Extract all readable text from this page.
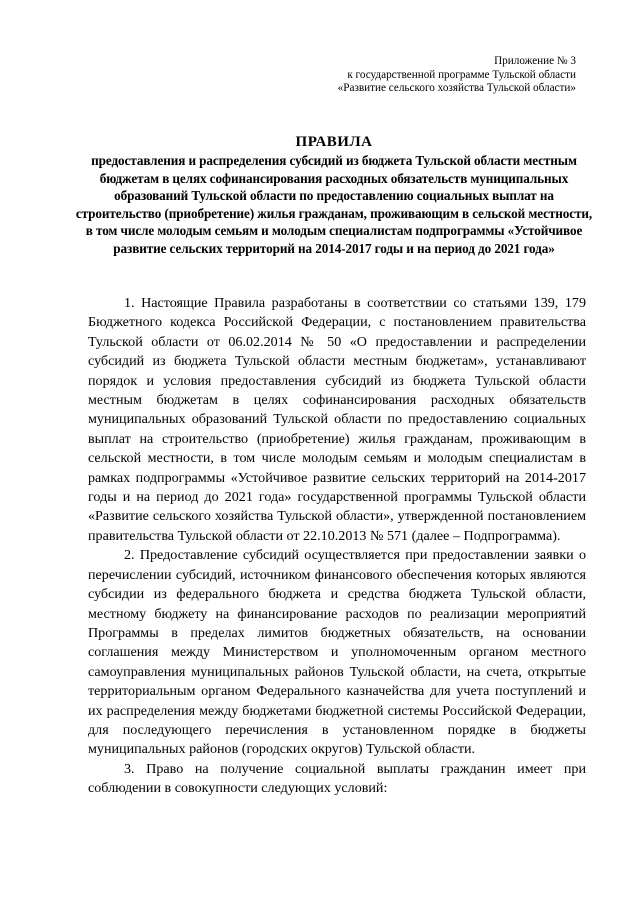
Приложение № 3
к государственной программе Тульской области
«Развитие сельского хозяйства Тульской области»
ПРАВИЛА
предоставления и распределения субсидий из бюджета Тульской области местным бюджетам в целях софинансирования расходных обязательств муниципальных образований Тульской области по предоставлению социальных выплат на строительство (приобретение) жилья гражданам, проживающим в сельской местности, в том числе молодым семьям и молодым специалистам подпрограммы «Устойчивое развитие сельских территорий на 2014-2017 годы и на период до 2021 года»

1. Настоящие Правила разработаны в соответствии со статьями 139, 179 Бюджетного кодекса Российской Федерации, с постановлением правительства Тульской области от 06.02.2014 № 50 «О предоставлении и распределении субсидий из бюджета Тульской области местным бюджетам», устанавливают порядок и условия предоставления субсидий из бюджета Тульской области местным бюджетам в целях софинансирования расходных обязательств муниципальных образований Тульской области по предоставлению социальных выплат на строительство (приобретение) жилья гражданам, проживающим в сельской местности, в том числе молодым семьям и молодым специалистам в рамках подпрограммы «Устойчивое развитие сельских территорий на 2014-2017 годы и на период до 2021 года» государственной программы Тульской области «Развитие сельского хозяйства Тульской области», утвержденной постановлением правительства Тульской области от 22.10.2013 № 571 (далее – Подпрограмма).

2. Предоставление субсидий осуществляется при предоставлении заявки о перечислении субсидий, источником финансового обеспечения которых являются субсидии из федерального бюджета и средства бюджета Тульской области, местному бюджету на финансирование расходов по реализации мероприятий Программы в пределах лимитов бюджетных обязательств, на основании соглашения между Министерством и уполномоченным органом местного самоуправления муниципальных районов Тульской области, на счета, открытые территориальным органом Федерального казначейства для учета поступлений и их распределения между бюджетами бюджетной системы Российской Федерации, для последующего перечисления в установленном порядке в бюджеты муниципальных районов (городских округов) Тульской области.

3. Право на получение социальной выплаты гражданин имеет при соблюдении в совокупности следующих условий:
